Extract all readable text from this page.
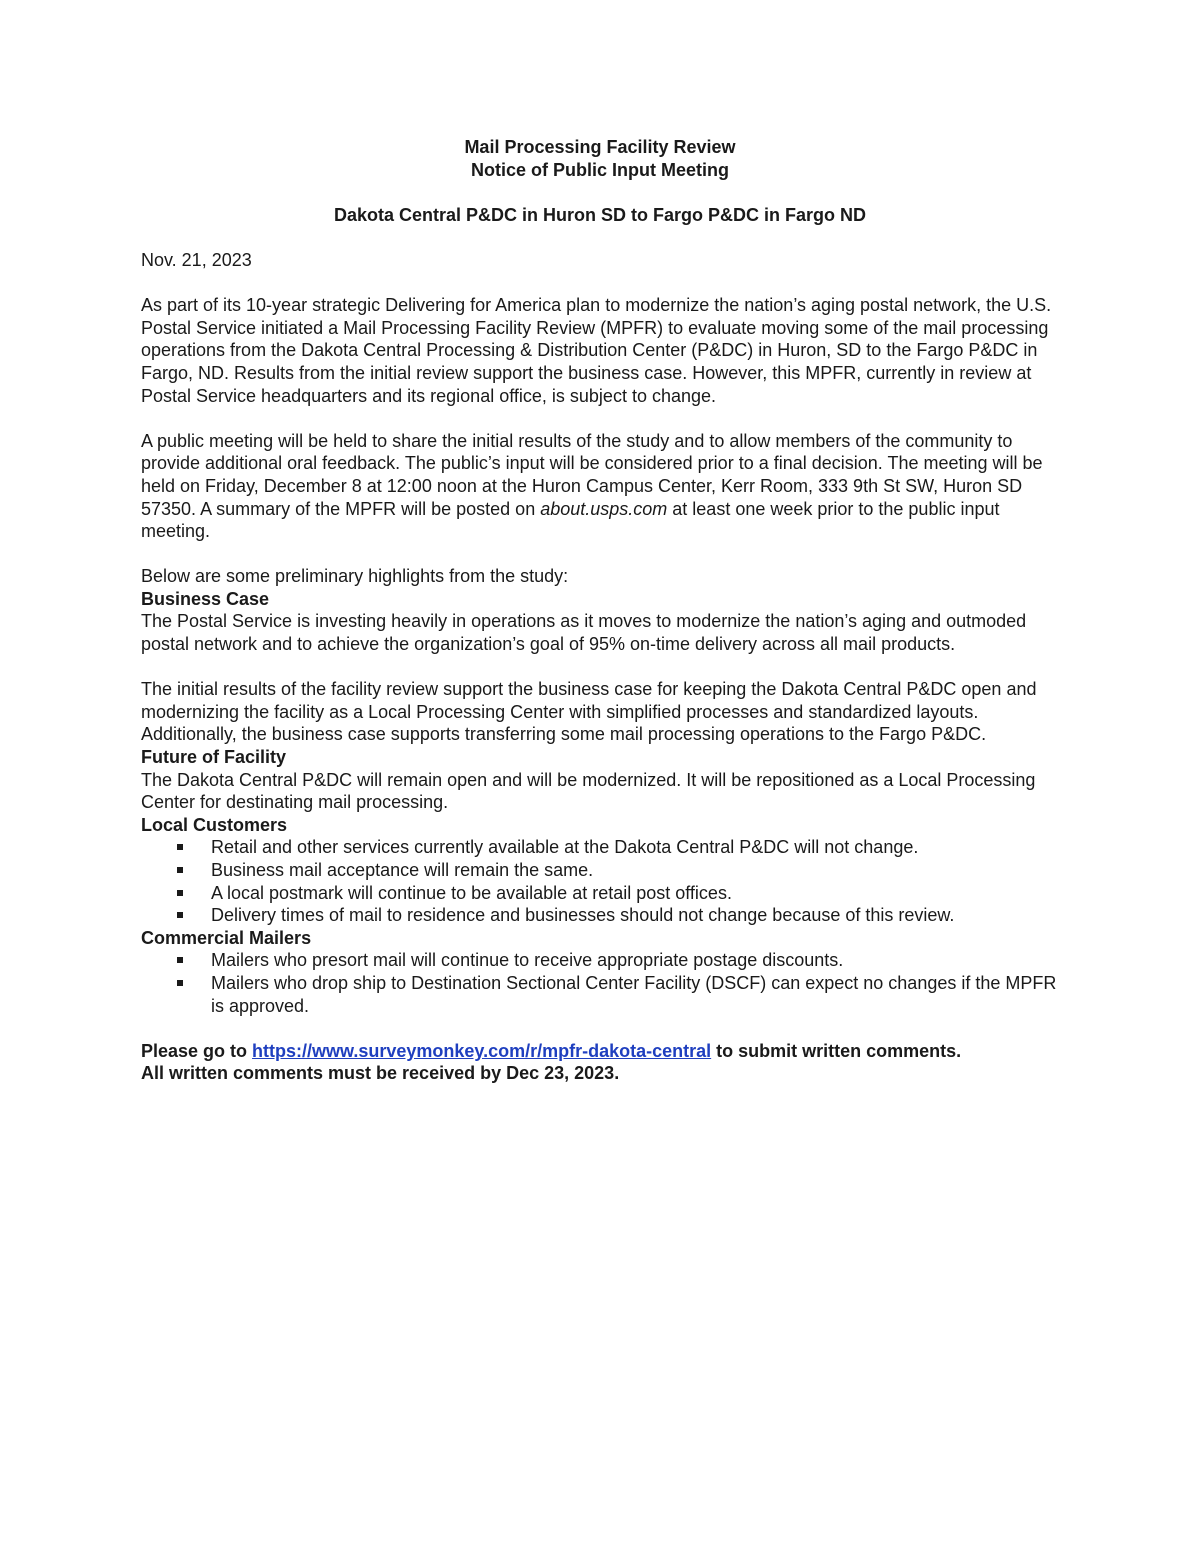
Mail Processing Facility Review
Notice of Public Input Meeting

Dakota Central P&DC in Huron SD to Fargo P&DC in Fargo ND

Nov. 21, 2023

As part of its 10-year strategic Delivering for America plan to modernize the nation’s aging postal network, the U.S. Postal Service initiated a Mail Processing Facility Review (MPFR) to evaluate moving some of the mail processing operations from the Dakota Central Processing & Distribution Center (P&DC) in Huron, SD to the Fargo P&DC in Fargo, ND. Results from the initial review support the business case. However, this MPFR, currently in review at Postal Service headquarters and its regional office, is subject to change.

A public meeting will be held to share the initial results of the study and to allow members of the community to provide additional oral feedback. The public’s input will be considered prior to a final decision. The meeting will be held on Friday, December 8 at 12:00 noon at the Huron Campus Center, Kerr Room, 333 9th St SW, Huron SD 57350. A summary of the MPFR will be posted on about.usps.com at least one week prior to the public input meeting.

Below are some preliminary highlights from the study:

Business Case

The Postal Service is investing heavily in operations as it moves to modernize the nation’s aging and outmoded postal network and to achieve the organization’s goal of 95% on-time delivery across all mail products.

The initial results of the facility review support the business case for keeping the Dakota Central P&DC open and modernizing the facility as a Local Processing Center with simplified processes and standardized layouts. Additionally, the business case supports transferring some mail processing operations to the Fargo P&DC.

Future of Facility

The Dakota Central P&DC will remain open and will be modernized. It will be repositioned as a Local Processing Center for destinating mail processing.

Local Customers

Retail and other services currently available at the Dakota Central P&DC will not change.
Business mail acceptance will remain the same.
A local postmark will continue to be available at retail post offices.
Delivery times of mail to residence and businesses should not change because of this review.

Commercial Mailers

Mailers who presort mail will continue to receive appropriate postage discounts.
Mailers who drop ship to Destination Sectional Center Facility (DSCF) can expect no changes if the MPFR is approved.

Please go to https://www.surveymonkey.com/r/mpfr-dakota-central to submit written comments.
All written comments must be received by Dec 23, 2023.
